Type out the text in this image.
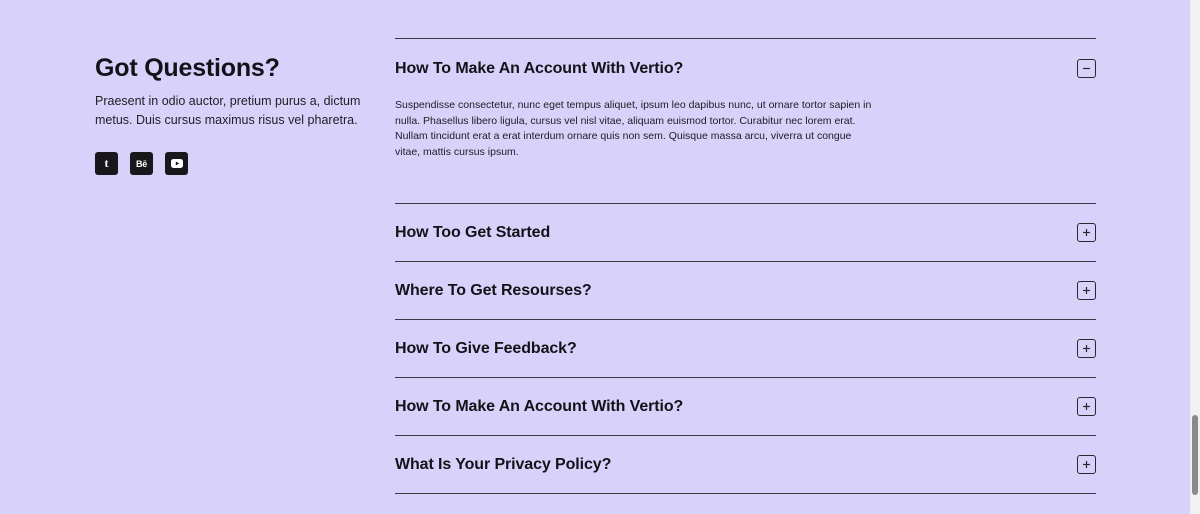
Got Questions?

Praesent in odio auctor, pretium purus a, dictum metus. Duis cursus maximus risus vel pharetra.

t	Bē
How To Make An Account With Vertio?
Suspendisse consectetur, nunc eget tempus aliquet, ipsum leo dapibus nunc, ut ornare tortor sapien in nulla. Phasellus libero ligula, cursus vel nisl vitae, aliquam euismod tortor. Curabitur nec lorem erat. Nullam tincidunt erat a erat interdum ornare quis non sem. Quisque massa arcu, viverra ut congue vitae, mattis cursus ipsum.
How Too Get Started
Where To Get Resourses?
How To Give Feedback?
How To Make An Account With Vertio?
What Is Your Privacy Policy?
